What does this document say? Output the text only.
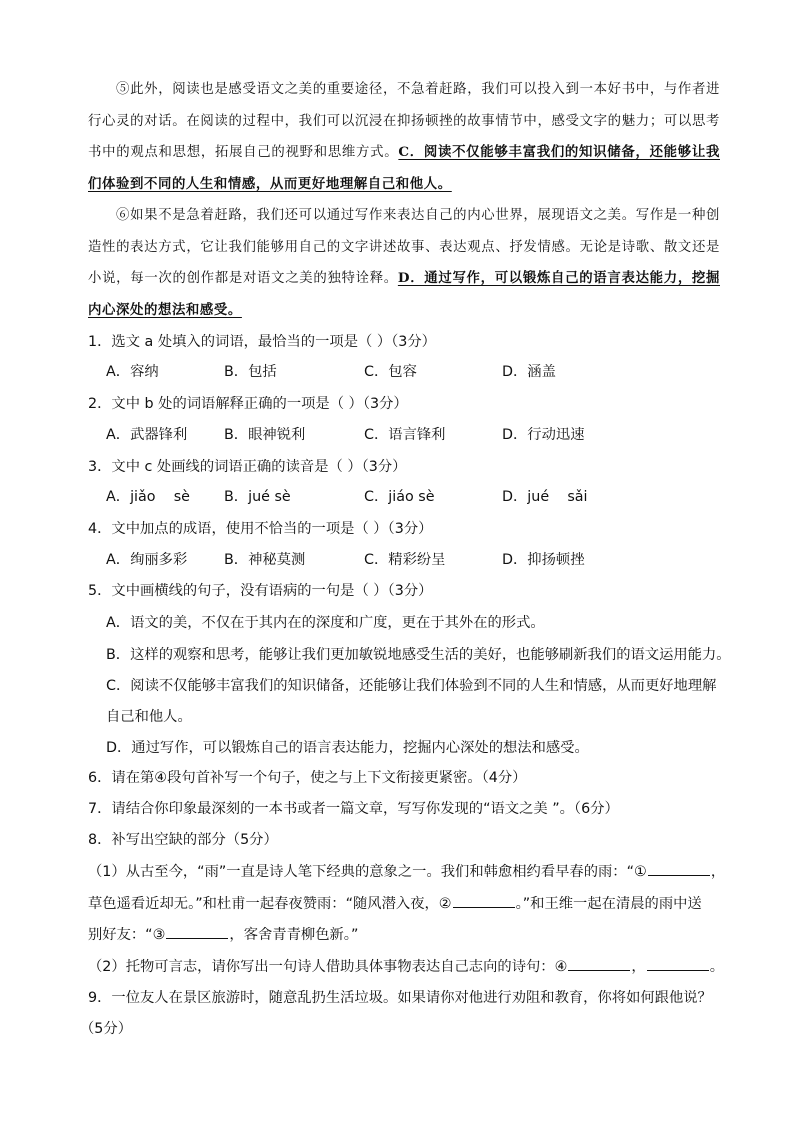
⑤此外，阅读也是感受语文之美的重要途径，不急着赶路，我们可以投入到一本好书中，与作者进行心灵的对话。在阅读的过程中，我们可以沉浸在抑扬顿挫的故事情节中，感受文字的魅力；可以思考书中的观点和思想，拓展自己的视野和思维方式。C．阅读不仅能够丰富我们的知识储备，还能够让我们体验到不同的人生和情感，从而更好地理解自己和他人。
⑥如果不是急着赶路，我们还可以通过写作来表达自己的内心世界，展现语文之美。写作是一种创造性的表达方式，它让我们能够用自己的文字讲述故事、表达观点、抒发情感。无论是诗歌、散文还是小说，每一次的创作都是对语文之美的独特诠释。D．通过写作，可以锻炼自己的语言表达能力，挖掘内心深处的想法和感受。
1．选文 a 处填入的词语，最恰当的一项是（ ）（3分）
A．容纳	B．包括	C．包容	D．涵盖
2．文中 b 处的词语解释正确的一项是（ ）（3分）
A．武器锋利	B．眼神锐利	C．语言锋利	D．行动迅速
3．文中 c 处画线的词语正确的读音是（ ）（3分）
A．jiǎo    sè B．jué sè	C．jiáo sè	D．jué    sǎi
4．文中加点的成语，使用不恰当的一项是（ ）（3分）
A．绚丽多彩	B．神秘莫测	C．精彩纷呈	D．抑扬顿挫
5．文中画横线的句子，没有语病的一句是（ ）（3分）
A．语文的美，不仅在于其内在的深度和广度，更在于其外在的形式。
B．这样的观察和思考，能够让我们更加敏锐地感受生活的美好，也能够刷新我们的语文运用能力。
C．阅读不仅能够丰富我们的知识储备，还能够让我们体验到不同的人生和情感，从而更好地理解
自己和他人。
D．通过写作，可以锻炼自己的语言表达能力，挖掘内心深处的想法和感受。
6．请在第④段句首补写一个句子，使之与上下文衔接更紧密。（4分）
7．请结合你印象最深刻的一本书或者一篇文章，写写你发现的“语文之美 ”。（6分）
8．补写出空缺的部分（5分）
（1）从古至今，“雨”一直是诗人笔下经典的意象之一。我们和韩愈相约看早春的雨：“①	，
草色遥看近却无。”和杜甫一起春夜赞雨：“随风潜入夜，②	。”和王维一起在清晨的雨中送
别好友：“③	，客舍青青柳色新。”
（2）托物可言志，请你写出一句诗人借助具体事物表达自己志向的诗句：④	，	。
9．一位友人在景区旅游时，随意乱扔生活垃圾。如果请你对他进行劝阻和教育，你将如何跟他说？
（5分）
